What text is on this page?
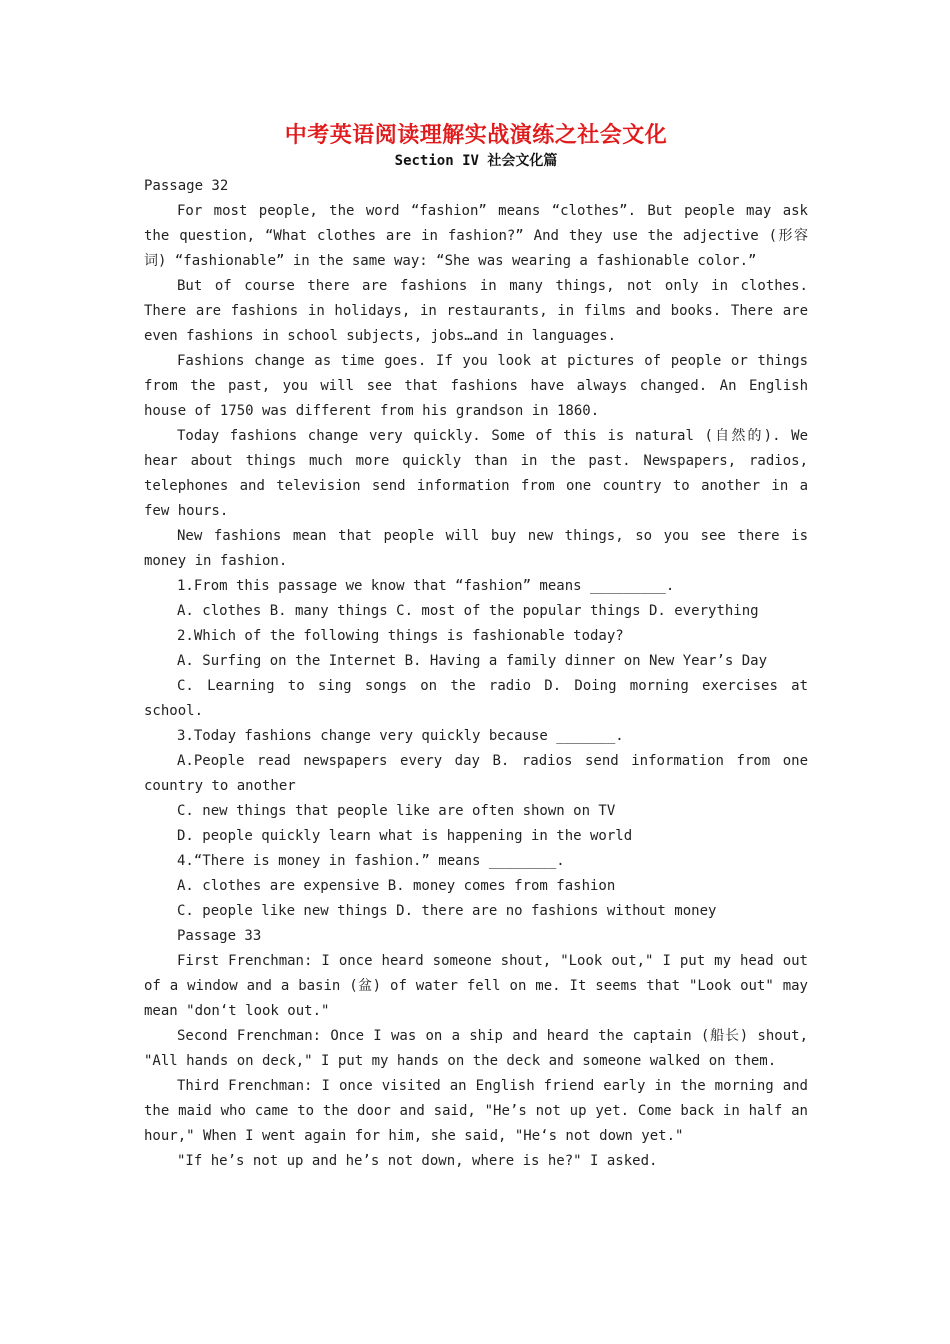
中考英语阅读理解实战演练之社会文化
Section IV 社会文化篇

Passage 32

For most people, the word “fashion” means “clothes”. But people may ask the question, “What clothes are in fashion?” And they use the adjective (形容词) “fashionable” in the same way: “She was wearing a fashionable color.”

But of course there are fashions in many things, not only in clothes. There are fashions in holidays, in restaurants, in films and books. There are even fashions in school subjects, jobs…and in languages.

Fashions change as time goes. If you look at pictures of people or things from the past, you will see that fashions have always changed. An English house of 1750 was different from his grandson in 1860.

Today fashions change very quickly. Some of this is natural (自然的). We hear about things much more quickly than in the past. Newspapers, radios, telephones and television send information from one country to another in a few hours.

New fashions mean that people will buy new things, so you see there is money in fashion.

1.From this passage we know that “fashion” means _________.

A. clothes B. many things C. most of the popular things D. everything

2.Which of the following things is fashionable today?

A. Surfing on the Internet B. Having a family dinner on New Year’s Day

C. Learning to sing songs on the radio D. Doing morning exercises at school.

3.Today fashions change very quickly because _______.

A.People read newspapers every day B. radios send information from one country to another

C. new things that people like are often shown on TV

D. people quickly learn what is happening in the world

4.“There is money in fashion.” means ________.

A. clothes are expensive B. money comes from fashion

C. people like new things D. there are no fashions without money

Passage 33

First Frenchman: I once heard someone shout, "Look out," I put my head out of a window and a basin (盆) of water fell on me. It seems that "Look out" may mean "don‘t look out."

Second Frenchman: Once I was on a ship and heard the captain (船长) shout, "All hands on deck," I put my hands on the deck and someone walked on them.

Third Frenchman: I once visited an English friend early in the morning and the maid who came to the door and said, "He’s not up yet. Come back in half an hour," When I went again for him, she said, "He‘s not down yet."

"If he’s not up and he’s not down, where is he?" I asked.
